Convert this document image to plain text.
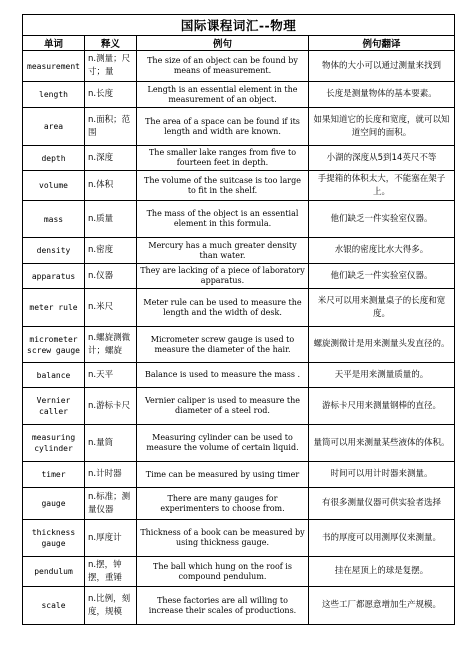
国际课程词汇--物理			
单词	释义	例句	例句翻译
measurement	n.测量；尺寸；量	The size of an object can be found by means of measurement.	物体的大小可以通过测量来找到
length	n.长度	Length is an essential element in the measurement of an object.	长度是测量物体的基本要素。
area	n.面积；范围	The area of a space can be found if its length and width are known.	如果知道它的长度和宽度，就可以知道空间的面积。
depth	n.深度	The smaller lake ranges from five to fourteen feet in depth.	小湖的深度从5到14英尺不等
volume	n.体积	The volume of the suitcase is too large to fit in the shelf.	手提箱的体积太大，不能塞在架子上。
mass	n.质量	The mass of the object is an essential element in this formula.	他们缺乏一件实验室仪器。
density	n.密度	Mercury has a much greater density than water.	水银的密度比水大得多。
apparatus	n.仪器	They are lacking of a piece of laboratory apparatus.	他们缺乏一件实验室仪器。
meter rule	n.米尺	Meter rule can be used to measure the length and the width of desk.	米尺可以用来测量桌子的长度和宽度。
micrometer screw gauge	n.螺旋测微计；螺旋	Micrometer screw gauge is used to measure the diameter of the hair.	螺旋测微计是用来测量头发直径的。
balance	n.天平	Balance is used to measure the mass .	天平是用来测量质量的。
Vernier caller	n.游标卡尺	Vernier caliper is used to measure the diameter of a steel rod.	游标卡尺用来测量钢棒的直径。
measuring cylinder	n.量筒	Measuring cylinder can be used to measure the volume of certain liquid.	量筒可以用来测量某些液体的体积。
timer	n.计时器	Time can be measured by using timer	时间可以用计时器来测量。
gauge	n.标准；测量仪器	There are many gauges for experimenters to choose from.	有很多测量仪器可供实验者选择
thickness gauge	n.厚度计	Thickness of a book can be measured by using thickness gauge.	书的厚度可以用测厚仪来测量。
pendulum	n.摆，钟摆，重锤	The ball which hung on the roof is compound pendulum.	挂在屋顶上的球是复摆。
scale	n.比例，刻度，规模	These factories are all willing to increase their scales of productions.	这些工厂都愿意增加生产规模。
